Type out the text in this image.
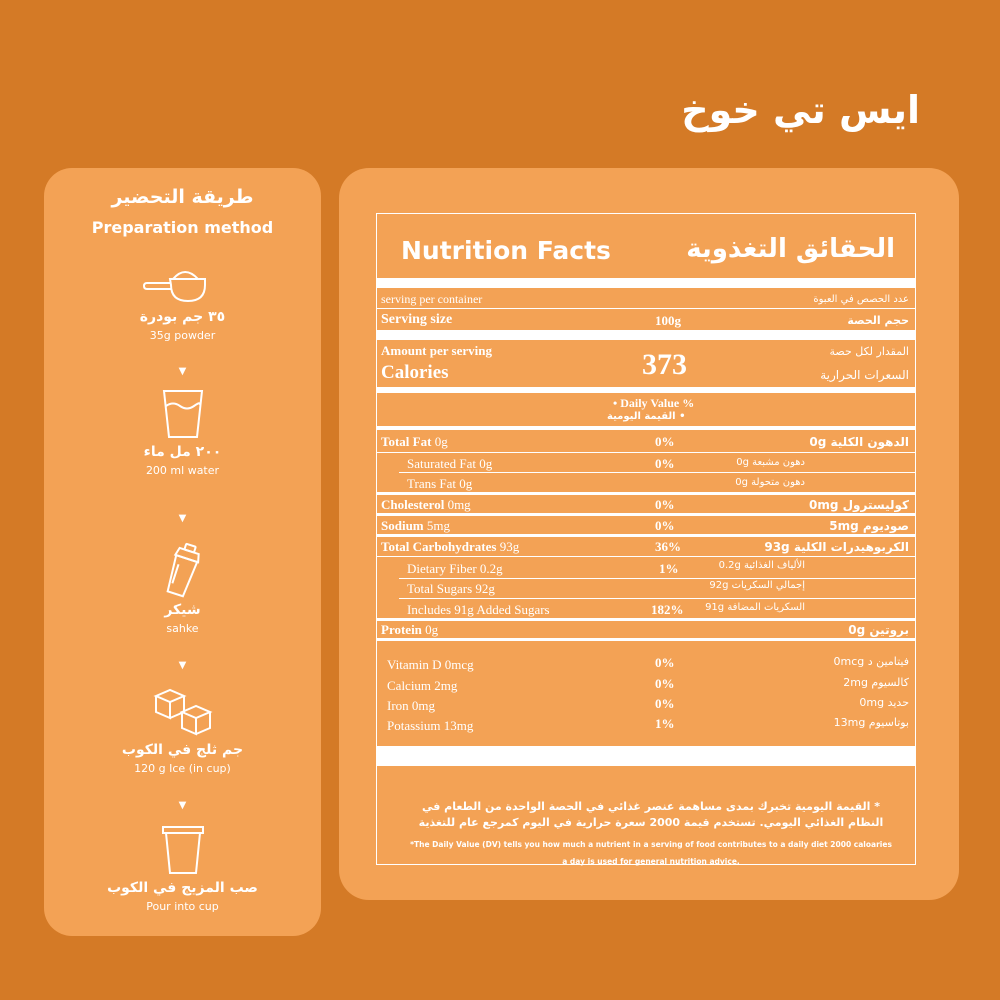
ايس تي خوخ
طريقة التحضير
Preparation method
٣٥ جم بودرة
35g powder
▼
٢٠٠ مل ماء
200 ml water
▼
شيكر
sahke
▼
جم ثلج في الكوب
120 g Ice (in cup)
▼
صب المزيج في الكوب
Pour into cup
Nutrition Facts	الحقائق التغذوية
serving per container	عدد الحصص في العبوة
Serving size	100g	حجم الحصة
Amount per serving	المقدار لكل حصة
Calories	373	السعرات الحرارية
• Daily Value %
القيمة اليومية •
Total Fat 0g	0%	الدهون الكلية 0g
Saturated Fat 0g	0%	دهون مشبعة 0g
Trans Fat 0g	دهون متحولة 0g
Cholesterol 0mg	0%	كوليسترول 0mg
Sodium 5mg	0%	صوديوم 5mg
Total Carbohydrates 93g	36%	الكربوهيدرات الكلية 93g
Dietary Fiber 0.2g	1%	الألياف الغذائية 0.2g
Total Sugars 92g	إجمالي السكريات 92g
Includes 91g Added Sugars	182% السكريات المضافة 91g
Protein 0g	بروتين 0g
Vitamin D 0mcg	0%	فيتامين د 0mcg
Calcium 2mg	0%	كالسيوم 2mg
Iron 0mg	0%	حديد 0mg
Potassium 13mg	1%	بوتاسيوم 13mg
* القيمة اليومية تخبرك بمدى مساهمة عنصر غذائي في الحصة الواحدة من الطعام في النظام الغذائي اليومي. تستخدم قيمة 2000 سعرة حرارية في اليوم كمرجع عام للتغذية
*The Daily Value (DV) tells you how much a nutrient in a serving of food contributes to a daily diet 2000 caloaries a day is used for general nutrition advice.
